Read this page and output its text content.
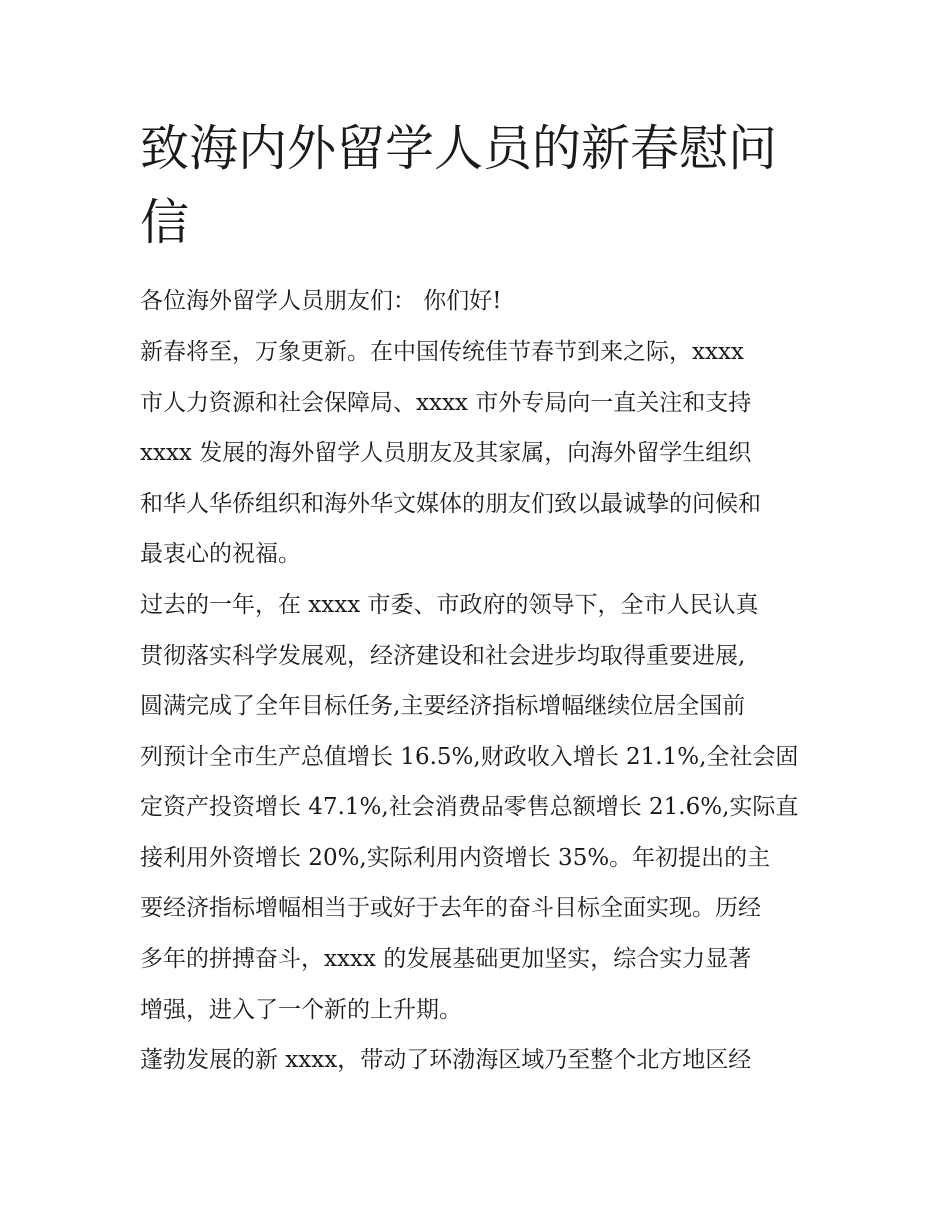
致海内外留学人员的新春慰问信

各位海外留学人员朋友们： 你们好!

新春将至，万象更新。在中国传统佳节春节到来之际，xxxx

市人力资源和社会保障局、xxxx 市外专局向一直关注和支持

xxxx 发展的海外留学人员朋友及其家属，向海外留学生组织

和华人华侨组织和海外华文媒体的朋友们致以最诚挚的问候和

最衷心的祝福。

过去的一年，在 xxxx 市委、市政府的领导下，全市人民认真

贯彻落实科学发展观，经济建设和社会进步均取得重要进展,

圆满完成了全年目标任务,主要经济指标增幅继续位居全国前

列预计全市生产总值增长 16.5%,财政收入增长 21.1%,全社会固

定资产投资增长 47.1%,社会消费品零售总额增长 21.6%,实际直

接利用外资增长 20%,实际利用内资增长 35%。年初提出的主

要经济指标增幅相当于或好于去年的奋斗目标全面实现。历经

多年的拼搏奋斗，xxxx 的发展基础更加坚实，综合实力显著

增强，进入了一个新的上升期。

蓬勃发展的新 xxxx，带动了环渤海区域乃至整个北方地区经
